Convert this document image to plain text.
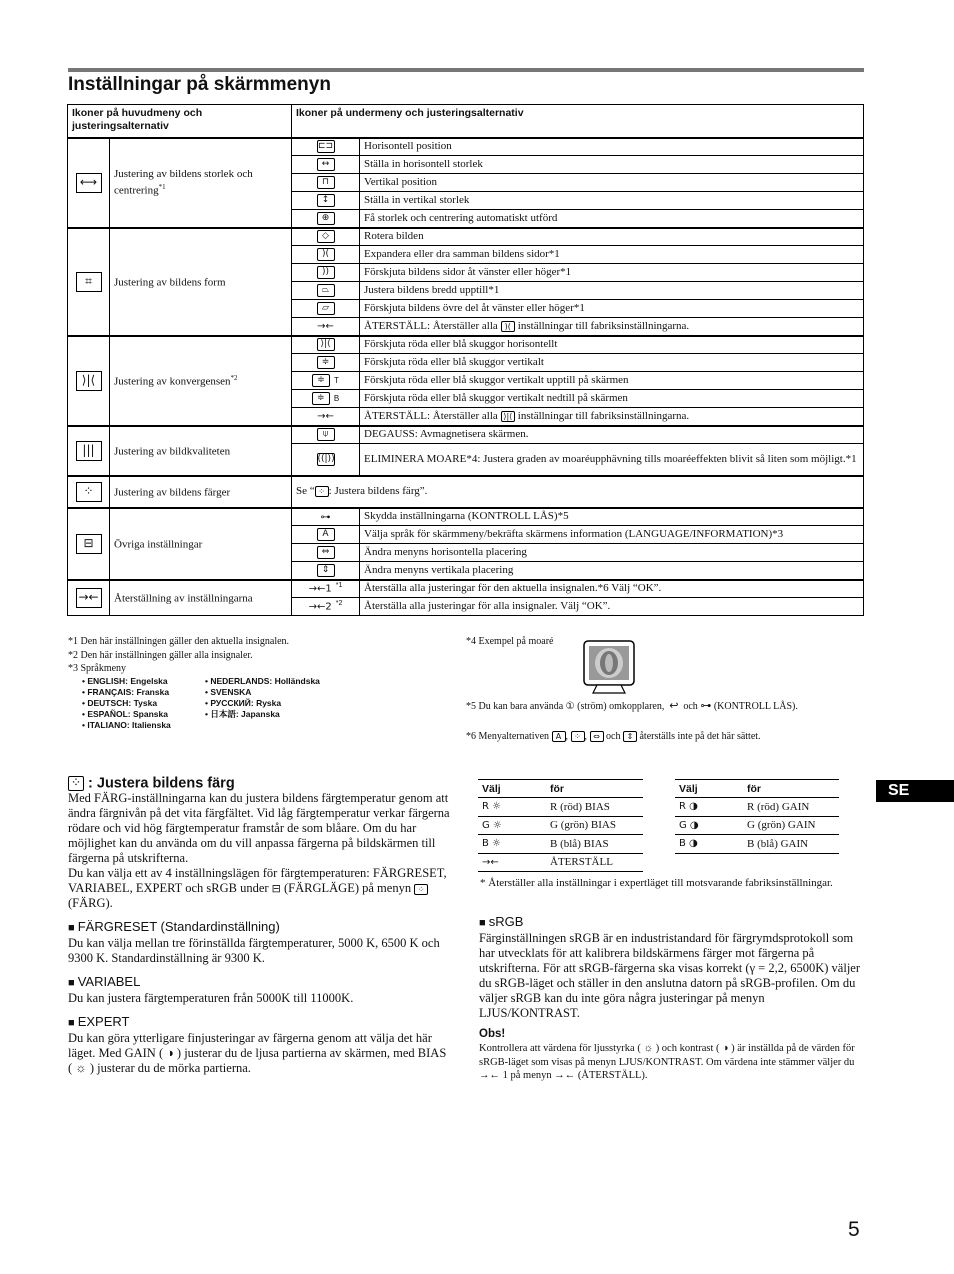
Inställningar på skärmmenyn
Ikoner på huvudmeny och justeringsalternativ		Ikoner på undermeny och justeringsalternativ	
⟷	Justering av bildens storlek och centrering$^{*1}$	⊏⊐	Horisontell position
		↔	Ställa in horisontell storlek
		⊓	Vertikal position
		↕	Ställa in vertikal storlek
		⊕	Få storlek och centrering automatiskt utförd
⌗	Justering av bildens form	◇	Rotera bilden
		)(	Expandera eller dra samman bildens sidor*1
		))	Förskjuta bildens sidor åt vänster eller höger*1
		⏢	Justera bildens bredd upptill*1
		▱	Förskjuta bildens övre del åt vänster eller höger*1
		→←	ÅTERSTÄLL: Återställer alla )( inställningar till fabriksinställningarna.
⟩|⟨	Justering av konvergensen$^{*2}$	⟩|⟨	Förskjuta röda eller blå skuggor horisontellt
		≑	Förskjuta röda eller blå skuggor vertikalt
		≑ T	Förskjuta röda eller blå skuggor vertikalt upptill på skärmen
		≑ B	Förskjuta röda eller blå skuggor vertikalt nedtill på skärmen
		→←	ÅTERSTÄLL: Återställer alla ⟩|⟨ inställningar till fabriksinställningarna.
|||	Justering av bildkvaliteten	⍦	DEGAUSS: Avmagnetisera skärmen.
		((|))	ELIMINERA MOARE*4: Justera graden av moaréupphävning tills moaréeffekten blivit så liten som möjligt.*1
⁘	Justering av bildens färger	Se “ ⁘ : Justera bildens färg”.	
⊟	Övriga inställningar	⊶	Skydda inställningarna (KONTROLL LÅS)*5
		A	Välja språk för skärmmeny/bekräfta skärmens information (LANGUAGE/INFORMATION)*3
		⇔	Ändra menyns horisontella placering
		⇕	Ändra menyns vertikala placering
→←	Återställning av inställningarna	→←1 $^{*1}$	Återställa alla justeringar för den aktuella insignalen.*6 Välj “OK”.
		→←2 $^{*2}$	Återställa alla justeringar för alla insignaler. Välj “OK”.
*1 Den här inställningen gäller den aktuella insignalen.
*2 Den här inställningen gäller alla insignaler.
*3 Språkmeny
• ENGLISH: Engelska
• FRANÇAIS: Franska
• DEUTSCH: Tyska
• ESPAÑOL: Spanska
• ITALIANO: Italienska
• NEDERLANDS: Holländska
• SVENSKA
• РУССКИЙ: Ryska
• 日本語: Japanska
*4 Exempel på moaré
*5 Du kan bara använda ① (ström) omkopplaren, ↩ och ⊶ (KONTROLL LÅS).
*6 Menyalternativen A , ⁘ , ⇔ och ⇕ återställs inte på det här sättet.
⁘ : Justera bildens färg
Med FÄRG-inställningarna kan du justera bildens färgtemperatur genom att ändra färgnivån på det vita färgfältet. Vid låg färgtemperatur verkar färgerna rödare och vid hög färgtemperatur framstår de som blåare. Om du har möjlighet kan du använda om du vill anpassa färgerna på bildskärmen till färgerna på utskrifterna.
Du kan välja ett av 4 inställningslägen för färgtemperaturen: FÄRGRESET, VARIABEL, EXPERT och sRGB under ⊟ (FÄRGLÄGE) på menyn ⁘ (FÄRG).
■ FÄRGRESET (Standardinställning)
Du kan välja mellan tre förinställda färgtemperaturer, 5000 K, 6500 K och 9300 K. Standardinställning är 9300 K.
■ VARIABEL
Du kan justera färgtemperaturen från 5000K till 11000K.
■ EXPERT
Du kan göra ytterligare finjusteringar av färgerna genom att välja det här läget. Med GAIN ( ◑ ) justerar du de ljusa partierna av skärmen, med BIAS ( ☼ ) justerar du de mörka partierna.
Välj	för
R ☼	R (röd) BIAS
G ☼	G (grön) BIAS
B ☼	B (blå) BIAS
→←	ÅTERSTÄLL
Välj	för
R ◑	R (röd) GAIN
G ◑	G (grön) GAIN
B ◑	B (blå) GAIN
* Återställer alla inställningar i expertläget till motsvarande fabriksinställningar.
■ sRGB
Färginställningen sRGB är en industristandard för färgrymdsprotokoll som har utvecklats för att kalibrera bildskärmens färger mot färgerna på utskrifterna. För att sRGB-färgerna ska visas korrekt (γ = 2,2, 6500K) väljer du sRGB-läget och ställer in den anslutna datorn på sRGB-profilen. Om du väljer sRGB kan du inte göra några justeringar på menyn LJUS/KONTRAST.
Obs!
Kontrollera att värdena för ljusstyrka ( ☼ ) och kontrast ( ◑ ) är inställda på de värden för sRGB-läget som visas på menyn LJUS/KONTRAST. Om värdena inte stämmer väljer du →← 1 på menyn →← (ÅTERSTÄLL).
SE
5
